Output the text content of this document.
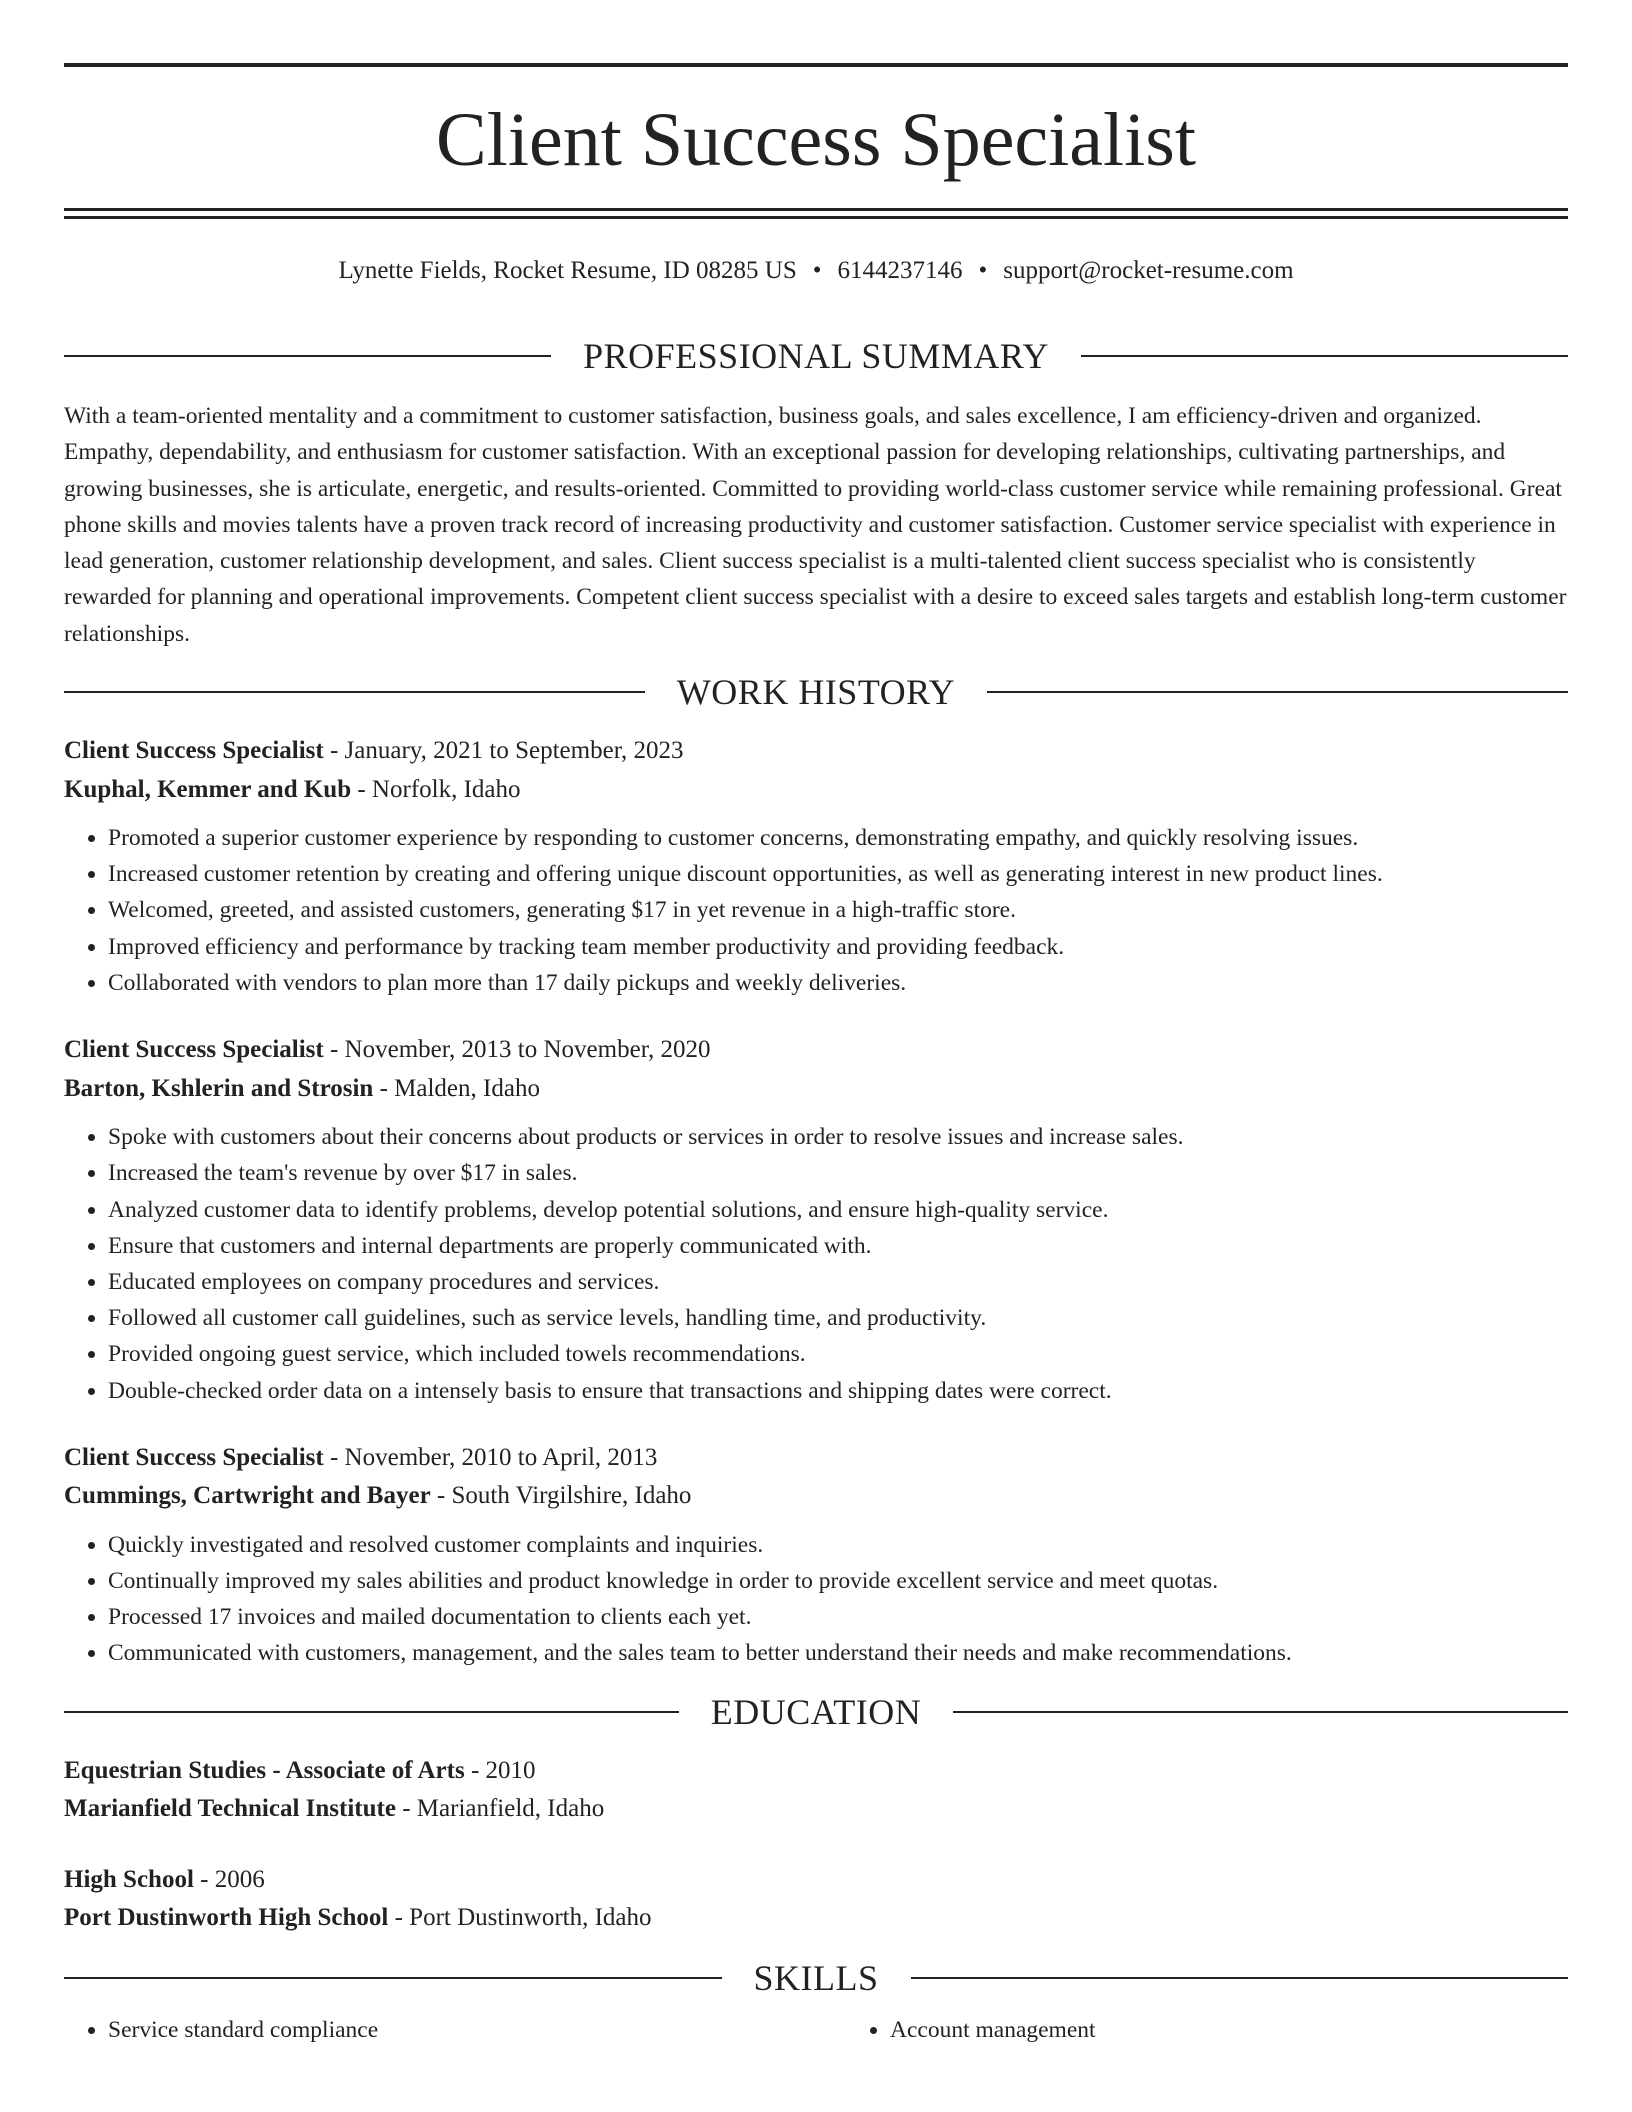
Client Success Specialist
Lynette Fields, Rocket Resume, ID 08285 US • 6144237146 • support@rocket-resume.com
PROFESSIONAL SUMMARY

With a team-oriented mentality and a commitment to customer satisfaction, business goals, and sales excellence, I am efficiency-driven and organized. Empathy, dependability, and enthusiasm for customer satisfaction. With an exceptional passion for developing relationships, cultivating partnerships, and growing businesses, she is articulate, energetic, and results-oriented. Committed to providing world-class customer service while remaining professional. Great phone skills and movies talents have a proven track record of increasing productivity and customer satisfaction. Customer service specialist with experience in lead generation, customer relationship development, and sales. Client success specialist is a multi-talented client success specialist who is consistently rewarded for planning and operational improvements. Competent client success specialist with a desire to exceed sales targets and establish long-term customer relationships.

WORK HISTORY
Client Success Specialist - January, 2021 to September, 2023
Kuphal, Kemmer and Kub - Norfolk, Idaho
• Promoted a superior customer experience by responding to customer concerns, demonstrating empathy, and quickly resolving issues.
• Increased customer retention by creating and offering unique discount opportunities, as well as generating interest in new product lines.
• Welcomed, greeted, and assisted customers, generating $17 in yet revenue in a high-traffic store.
• Improved efficiency and performance by tracking team member productivity and providing feedback.
• Collaborated with vendors to plan more than 17 daily pickups and weekly deliveries.
Client Success Specialist - November, 2013 to November, 2020
Barton, Kshlerin and Strosin - Malden, Idaho
• Spoke with customers about their concerns about products or services in order to resolve issues and increase sales.
• Increased the team's revenue by over $17 in sales.
• Analyzed customer data to identify problems, develop potential solutions, and ensure high-quality service.
• Ensure that customers and internal departments are properly communicated with.
• Educated employees on company procedures and services.
• Followed all customer call guidelines, such as service levels, handling time, and productivity.
• Provided ongoing guest service, which included towels recommendations.
• Double-checked order data on a intensely basis to ensure that transactions and shipping dates were correct.
Client Success Specialist - November, 2010 to April, 2013
Cummings, Cartwright and Bayer - South Virgilshire, Idaho
• Quickly investigated and resolved customer complaints and inquiries.
• Continually improved my sales abilities and product knowledge in order to provide excellent service and meet quotas.
• Processed 17 invoices and mailed documentation to clients each yet.
• Communicated with customers, management, and the sales team to better understand their needs and make recommendations.
EDUCATION
Equestrian Studies - Associate of Arts - 2010
Marianfield Technical Institute - Marianfield, Idaho
High School - 2006
Port Dustinworth High School - Port Dustinworth, Idaho
SKILLS
• Service standard compliance
•	Account management
